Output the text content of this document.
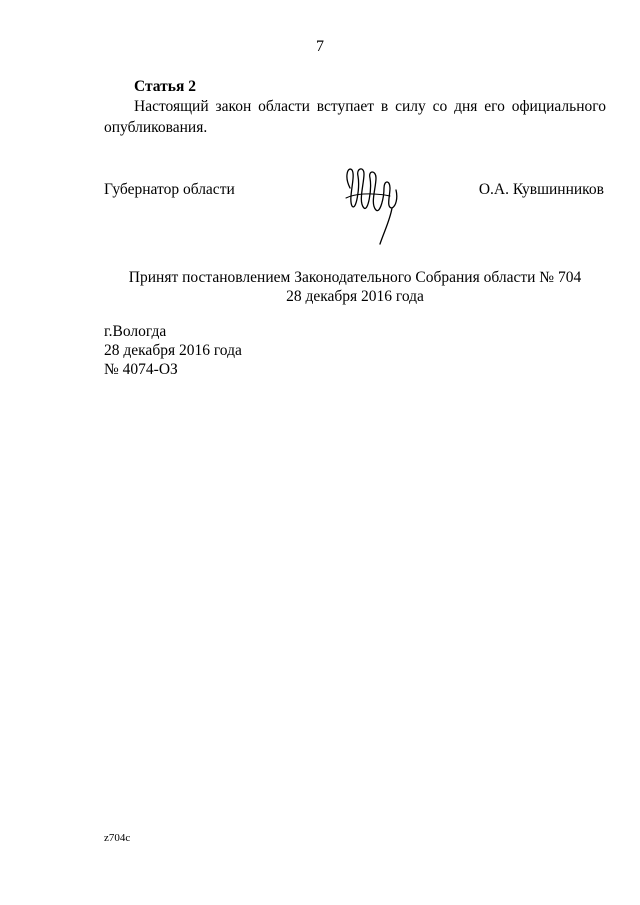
7
Статья 2
Настоящий закон области вступает в силу со дня его официального
опубликования.
Губернатор области	О.А. Кувшинников
Принят постановлением Законодательного Собрания области № 704
28 декабря 2016 года
г.Вологда
28 декабря 2016 года
№ 4074-ОЗ
z704c
